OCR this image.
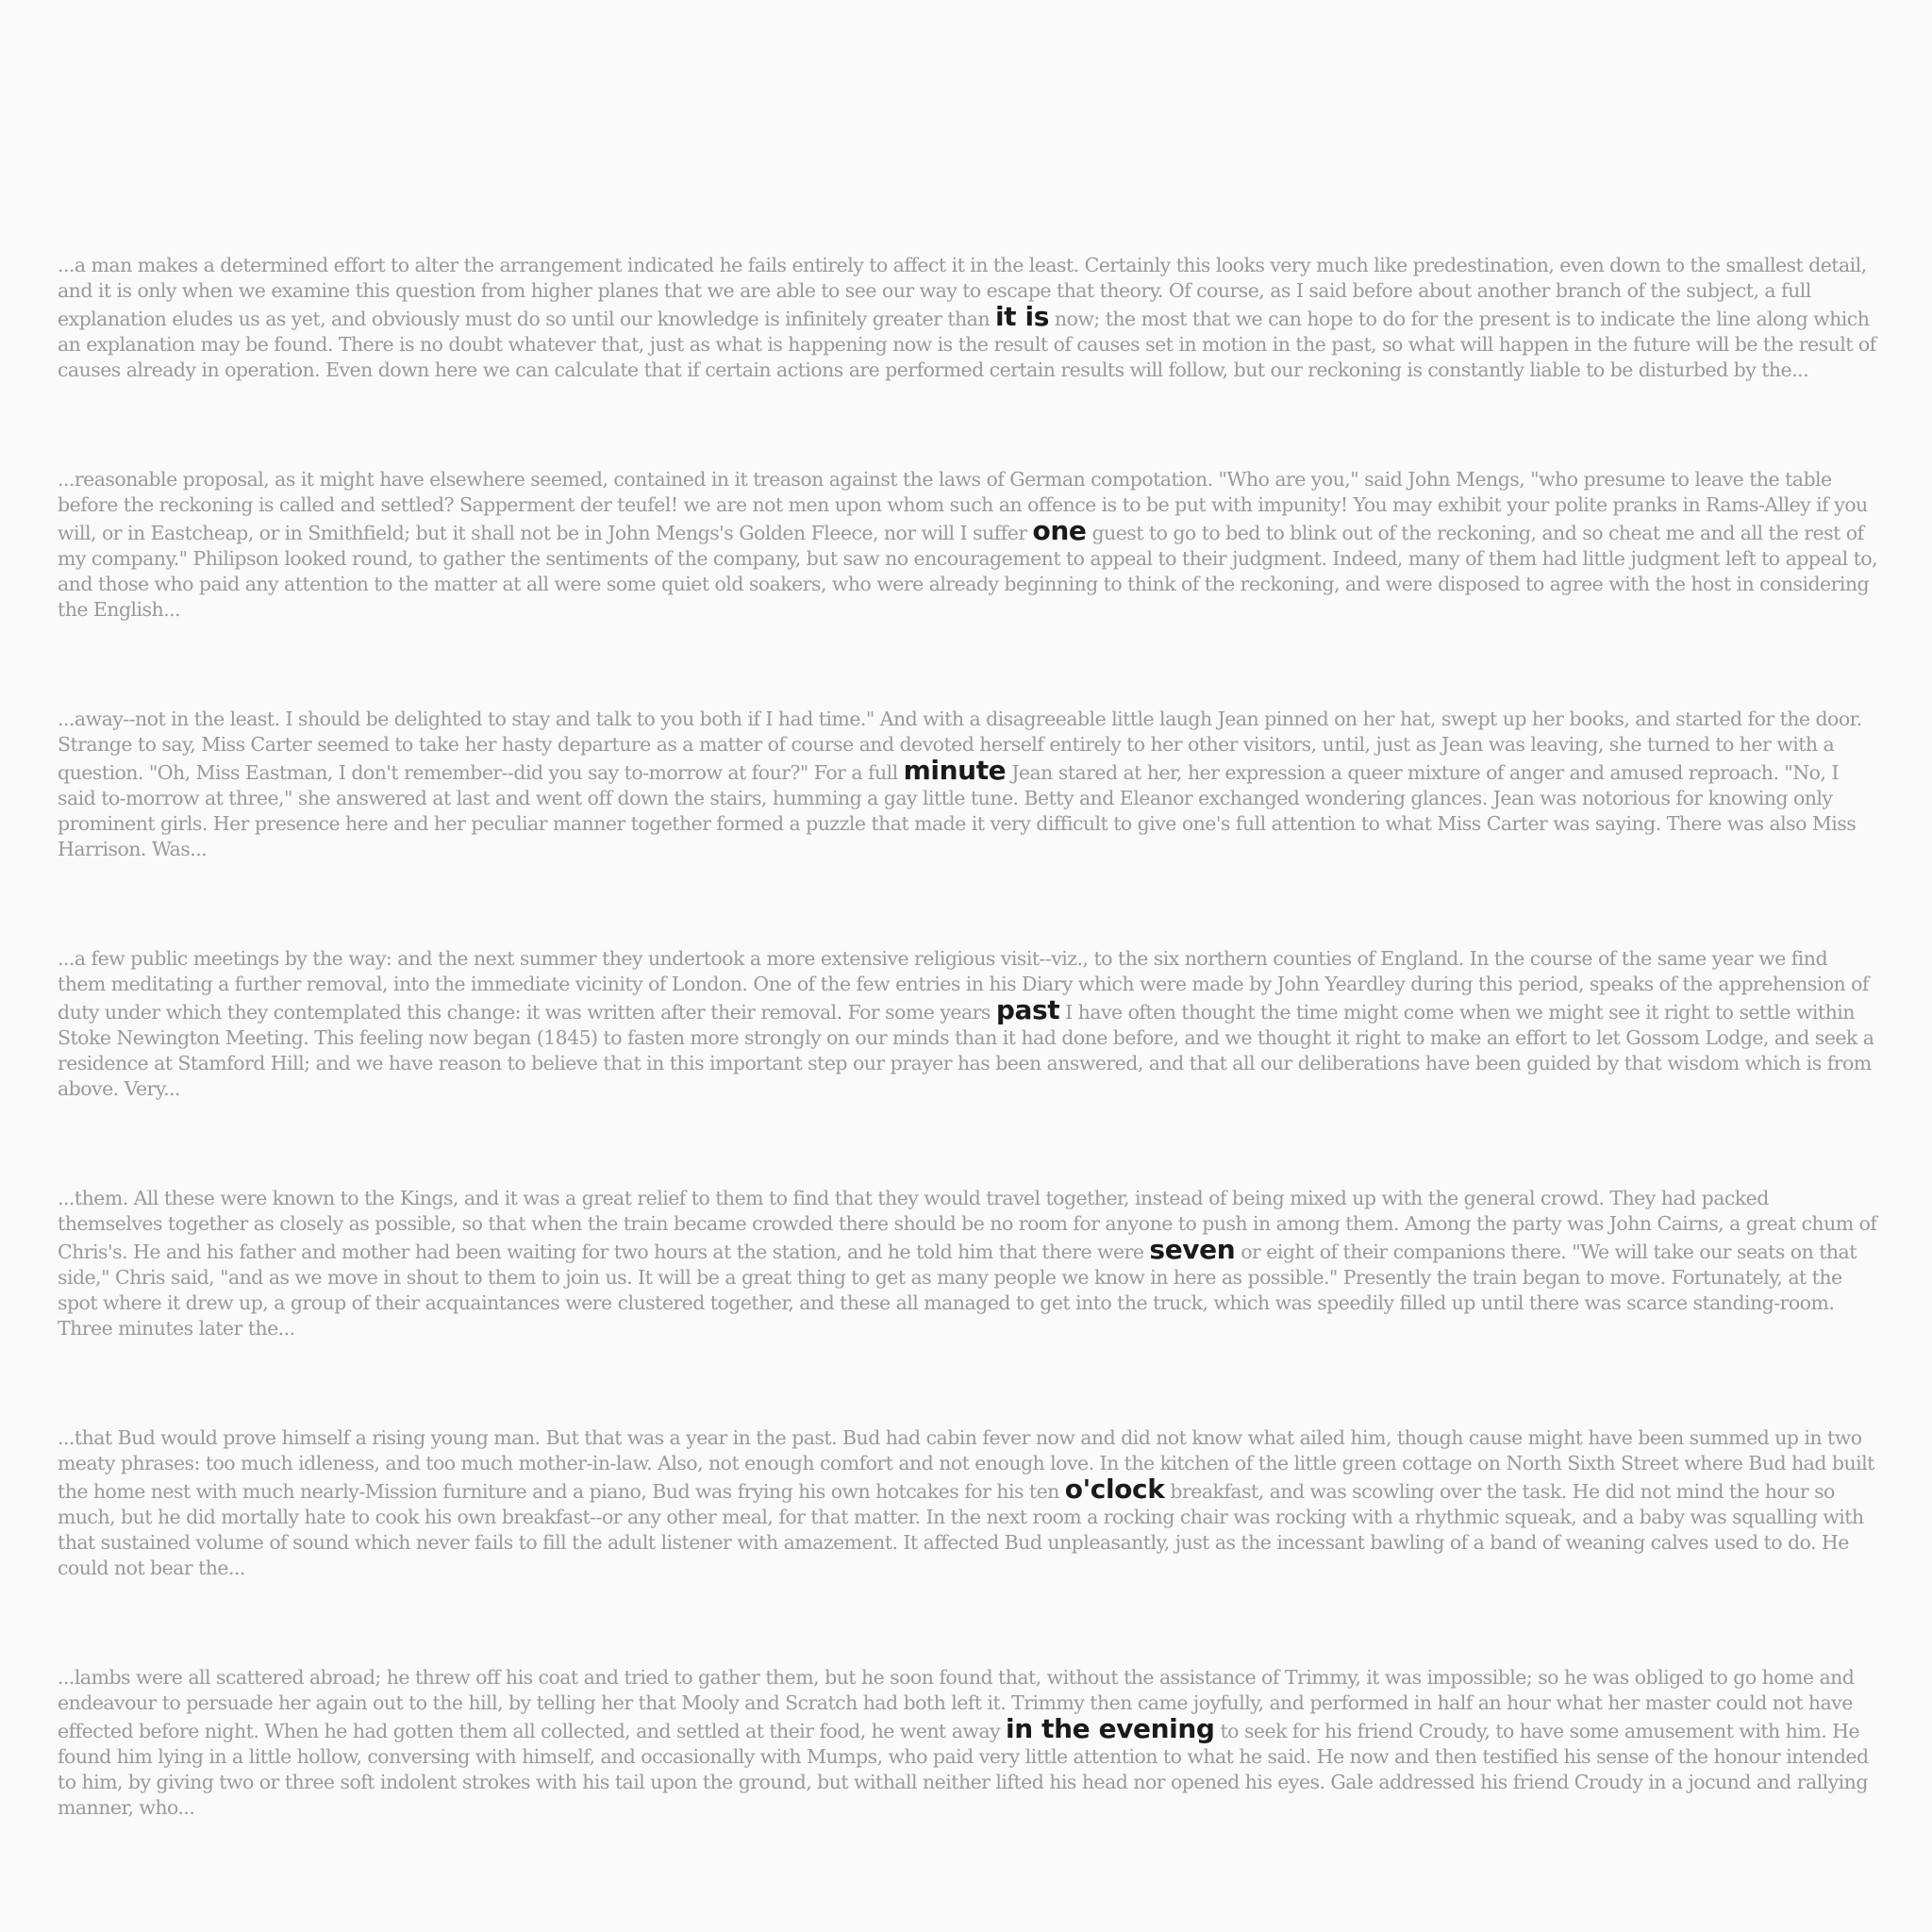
...a man makes a determined effort to alter the arrangement indicated he fails entirely to affect it in the least. Certainly this looks very much like predestination, even down to the smallest detail, and it is only when we examine this question from higher planes that we are able to see our way to escape that theory. Of course, as I said before about another branch of the subject, a full explanation eludes us as yet, and obviously must do so until our knowledge is infinitely greater than it is now; the most that we can hope to do for the present is to indicate the line along which an explanation may be found. There is no doubt whatever that, just as what is happening now is the result of causes set in motion in the past, so what will happen in the future will be the result of causes already in operation. Even down here we can calculate that if certain actions are performed certain results will follow, but our reckoning is constantly liable to be disturbed by the...

...reasonable proposal, as it might have elsewhere seemed, contained in it treason against the laws of German compotation. "Who are you," said John Mengs, "who presume to leave the table before the reckoning is called and settled? Sapperment der teufel! we are not men upon whom such an offence is to be put with impunity! You may exhibit your polite pranks in Rams-Alley if you will, or in Eastcheap, or in Smithfield; but it shall not be in John Mengs's Golden Fleece, nor will I suffer one guest to go to bed to blink out of the reckoning, and so cheat me and all the rest of my company." Philipson looked round, to gather the sentiments of the company, but saw no encouragement to appeal to their judgment. Indeed, many of them had little judgment left to appeal to, and those who paid any attention to the matter at all were some quiet old soakers, who were already beginning to think of the reckoning, and were disposed to agree with the host in considering the English...

...away--not in the least. I should be delighted to stay and talk to you both if I had time." And with a disagreeable little laugh Jean pinned on her hat, swept up her books, and started for the door. Strange to say, Miss Carter seemed to take her hasty departure as a matter of course and devoted herself entirely to her other visitors, until, just as Jean was leaving, she turned to her with a question. "Oh, Miss Eastman, I don't remember--did you say to-morrow at four?" For a full minute Jean stared at her, her expression a queer mixture of anger and amused reproach. "No, I said to-morrow at three," she answered at last and went off down the stairs, humming a gay little tune. Betty and Eleanor exchanged wondering glances. Jean was notorious for knowing only prominent girls. Her presence here and her peculiar manner together formed a puzzle that made it very difficult to give one's full attention to what Miss Carter was saying. There was also Miss Harrison. Was...

...a few public meetings by the way: and the next summer they undertook a more extensive religious visit--viz., to the six northern counties of England. In the course of the same year we find them meditating a further removal, into the immediate vicinity of London. One of the few entries in his Diary which were made by John Yeardley during this period, speaks of the apprehension of duty under which they contemplated this change: it was written after their removal. For some years past I have often thought the time might come when we might see it right to settle within Stoke Newington Meeting. This feeling now began (1845) to fasten more strongly on our minds than it had done before, and we thought it right to make an effort to let Gossom Lodge, and seek a residence at Stamford Hill; and we have reason to believe that in this important step our prayer has been answered, and that all our deliberations have been guided by that wisdom which is from above. Very...

...them. All these were known to the Kings, and it was a great relief to them to find that they would travel together, instead of being mixed up with the general crowd. They had packed themselves together as closely as possible, so that when the train became crowded there should be no room for anyone to push in among them. Among the party was John Cairns, a great chum of Chris's. He and his father and mother had been waiting for two hours at the station, and he told him that there were seven or eight of their companions there. "We will take our seats on that side," Chris said, "and as we move in shout to them to join us. It will be a great thing to get as many people we know in here as possible." Presently the train began to move. Fortunately, at the spot where it drew up, a group of their acquaintances were clustered together, and these all managed to get into the truck, which was speedily filled up until there was scarce standing-room. Three minutes later the...

...that Bud would prove himself a rising young man. But that was a year in the past. Bud had cabin fever now and did not know what ailed him, though cause might have been summed up in two meaty phrases: too much idleness, and too much mother-in-law. Also, not enough comfort and not enough love. In the kitchen of the little green cottage on North Sixth Street where Bud had built the home nest with much nearly-Mission furniture and a piano, Bud was frying his own hotcakes for his ten o'clock breakfast, and was scowling over the task. He did not mind the hour so much, but he did mortally hate to cook his own breakfast--or any other meal, for that matter. In the next room a rocking chair was rocking with a rhythmic squeak, and a baby was squalling with that sustained volume of sound which never fails to fill the adult listener with amazement. It affected Bud unpleasantly, just as the incessant bawling of a band of weaning calves used to do. He could not bear the...

...lambs were all scattered abroad; he threw off his coat and tried to gather them, but he soon found that, without the assistance of Trimmy, it was impossible; so he was obliged to go home and endeavour to persuade her again out to the hill, by telling her that Mooly and Scratch had both left it. Trimmy then came joyfully, and performed in half an hour what her master could not have effected before night. When he had gotten them all collected, and settled at their food, he went away in the evening to seek for his friend Croudy, to have some amusement with him. He found him lying in a little hollow, conversing with himself, and occasionally with Mumps, who paid very little attention to what he said. He now and then testified his sense of the honour intended to him, by giving two or three soft indolent strokes with his tail upon the ground, but withall neither lifted his head nor opened his eyes. Gale addressed his friend Croudy in a jocund and rallying manner, who...
